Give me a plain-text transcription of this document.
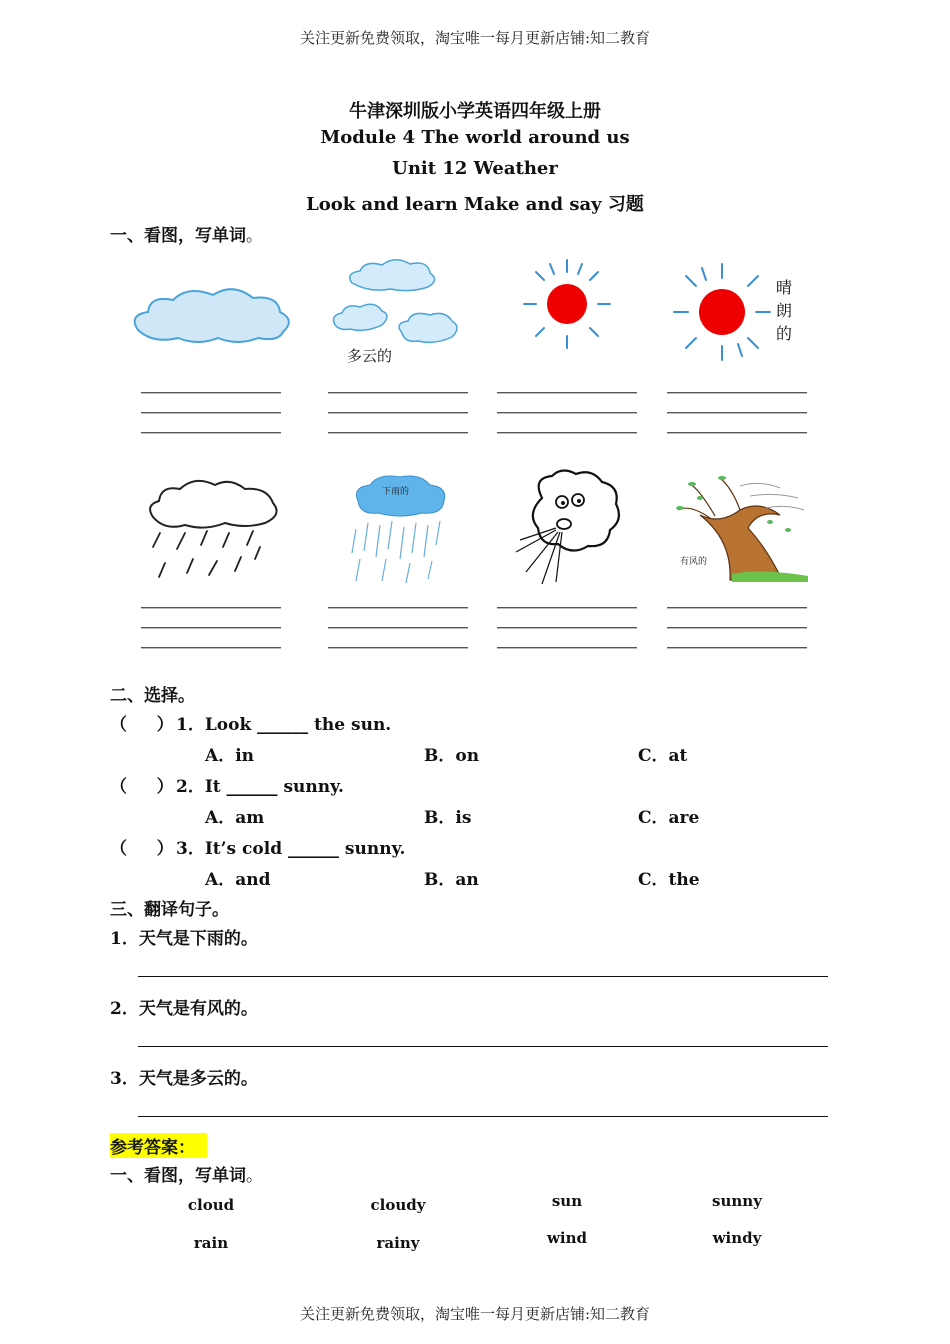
关注更新免费领取，淘宝唯一每月更新店铺:知二教育
牛津深圳版小学英语四年级上册
Module 4 The world around us
Unit 12 Weather
Look and learn Make and say 习题
一、看图，写单词。
多云的
晴
朗
的
下雨的
有风的
二、选择。
（     ） 1．Look ______ the sun.
A．in	B．on	C．at
（     ） 2．It ______ sunny.
A．am	B．is	C．are
（     ） 3．It’s cold ______ sunny.
A．and	B．an	C．the
三、翻译句子。
1．天气是下雨的。
2．天气是有风的。
3．天气是多云的。
参考答案：
一、看图，写单词。
cloud	cloudy	sun	sunny
rain	rainy	wind	windy
关注更新免费领取，淘宝唯一每月更新店铺:知二教育
